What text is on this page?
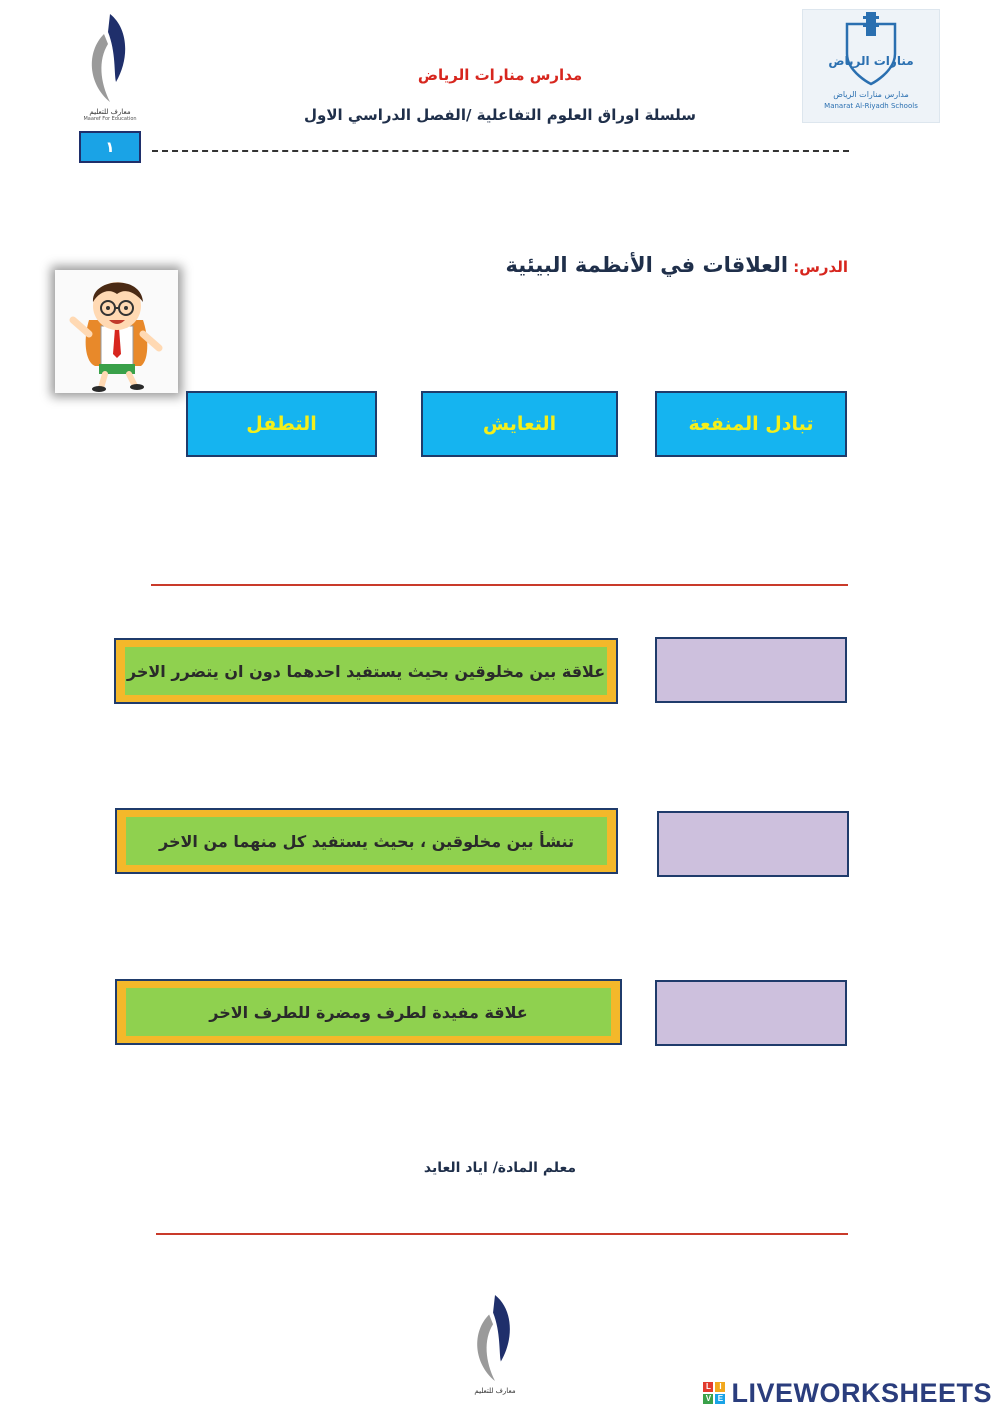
معارف للتعليم
Maaref For Education
مدارس منارات الرياض
سلسلة اوراق العلوم التفاعلية /الفصل الدراسي الاول
منارات الرياض
مدارس منارات الرياض
Manarat Al-Riyadh Schools
١
الدرس: العلاقات في الأنظمة البيئية
تبادل المنفعة
التعايش
التطفل
علاقة بين مخلوقين بحيث يستفيد احدهما دون ان يتضرر الاخر
تنشأ بين مخلوقين ، بحيث يستفيد كل منهما من الاخر
علاقة مفيدة لطرف ومضرة للطرف الاخر
معلم المادة/ اياد العايد
معارف للتعليم	L	I
V E LIVEWORKSHEETS
